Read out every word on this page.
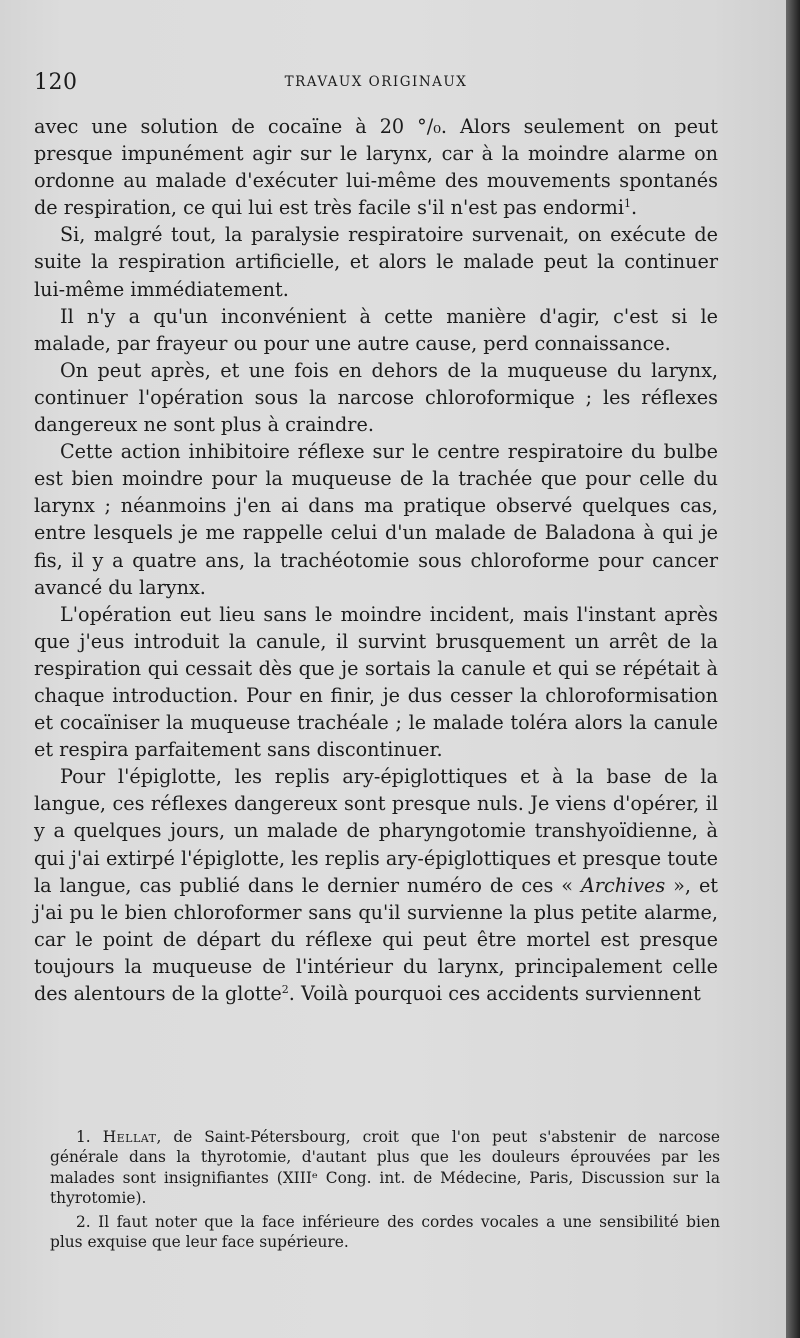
120	TRAVAUX ORIGINAUX

avec une solution de cocaïne à 20 °/₀. Alors seulement on peut presque impunément agir sur le larynx, car à la moindre alarme on ordonne au malade d'exécuter lui-même des mouvements spontanés de respiration, ce qui lui est très facile s'il n'est pas endormi$^1$.

Si, malgré tout, la paralysie respiratoire survenait, on exécute de suite la respiration artificielle, et alors le malade peut la continuer lui-même immédiatement.

Il n'y a qu'un inconvénient à cette manière d'agir, c'est si le malade, par frayeur ou pour une autre cause, perd connaissance.

On peut après, et une fois en dehors de la muqueuse du larynx, continuer l'opération sous la narcose chloroformique ; les réflexes dangereux ne sont plus à craindre.

Cette action inhibitoire réflexe sur le centre respiratoire du bulbe est bien moindre pour la muqueuse de la trachée que pour celle du larynx ; néanmoins j'en ai dans ma pratique observé quelques cas, entre lesquels je me rappelle celui d'un malade de Baladona à qui je fis, il y a quatre ans, la trachéotomie sous chloroforme pour cancer avancé du larynx.

L'opération eut lieu sans le moindre incident, mais l'instant après que j'eus introduit la canule, il survint brusquement un arrêt de la respiration qui cessait dès que je sortais la canule et qui se répétait à chaque introduction. Pour en finir, je dus cesser la chloroformisation et cocaïniser la muqueuse trachéale ; le malade toléra alors la canule et respira parfaitement sans discontinuer.

Pour l'épiglotte, les replis ary-épiglottiques et à la base de la langue, ces réflexes dangereux sont presque nuls. Je viens d'opérer, il y a quelques jours, un malade de pharyngotomie transhyoïdienne, à qui j'ai extirpé l'épiglotte, les replis ary-épiglottiques et presque toute la langue, cas publié dans le dernier numéro de ces « Archives », et j'ai pu le bien chloroformer sans qu'il survienne la plus petite alarme, car le point de départ du réflexe qui peut être mortel est presque toujours la muqueuse de l'intérieur du larynx, principalement celle des alentours de la glotte$^2$. Voilà pourquoi ces accidents surviennent

1. Hellat, de Saint-Pétersbourg, croit que l'on peut s'abstenir de narcose générale dans la thyrotomie, d'autant plus que les douleurs éprouvées par les malades sont insignifiantes (XIIIᵉ Cong. int. de Médecine, Paris, Discussion sur la thyrotomie).

2. Il faut noter que la face inférieure des cordes vocales a une sensibilité bien plus exquise que leur face supérieure.
